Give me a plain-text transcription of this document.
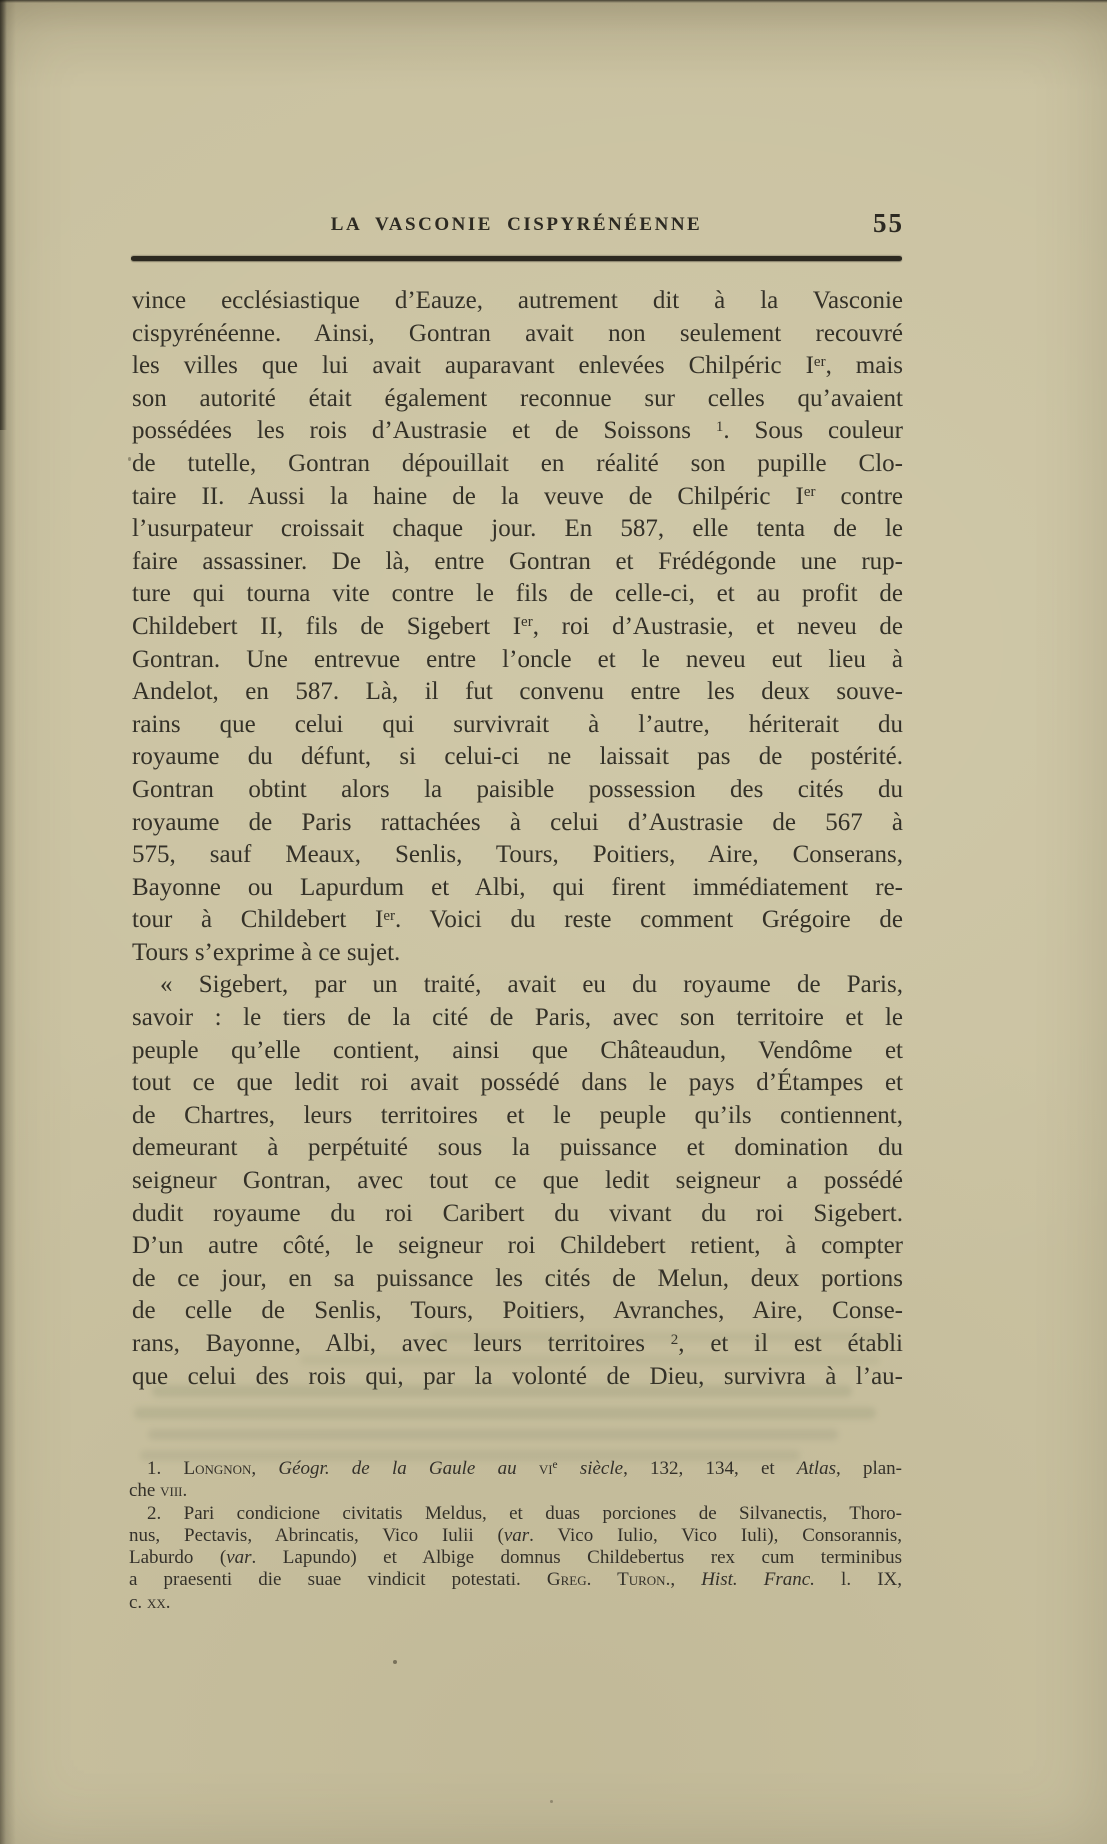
LA VASCONIE CISPYRÉNÉENNE	55
vince ecclésiastique d’Eauze, autrement dit à la Vasconie
cispyrénéenne. Ainsi, Gontran avait non seulement recouvré
les villes que lui avait auparavant enlevées Chilpéric Ier, mais
son autorité était également reconnue sur celles qu’avaient
possédées les rois d’Austrasie et de Soissons $^1$. Sous couleur
de tutelle, Gontran dépouillait en réalité son pupille Clo-
taire II. Aussi la haine de la veuve de Chilpéric Ier contre
l’usurpateur croissait chaque jour. En 587, elle tenta de le
faire assassiner. De là, entre Gontran et Frédégonde une rup-
ture qui tourna vite contre le fils de celle-ci, et au profit de
Childebert II, fils de Sigebert Ier, roi d’Austrasie, et neveu de
Gontran. Une entrevue entre l’oncle et le neveu eut lieu à
Andelot, en 587. Là, il fut convenu entre les deux souve-
rains que celui qui survivrait à l’autre, hériterait du
royaume du défunt, si celui-ci ne laissait pas de postérité.
Gontran obtint alors la paisible possession des cités du
royaume de Paris rattachées à celui d’Austrasie de 567 à
575, sauf Meaux, Senlis, Tours, Poitiers, Aire, Conserans,
Bayonne ou Lapurdum et Albi, qui firent immédiatement re-
tour à Childebert Ier. Voici du reste comment Grégoire de
Tours s’exprime à ce sujet.
« Sigebert, par un traité, avait eu du royaume de Paris,
savoir : le tiers de la cité de Paris, avec son territoire et le
peuple qu’elle contient, ainsi que Châteaudun, Vendôme et
tout ce que ledit roi avait possédé dans le pays d’Étampes et
de Chartres, leurs territoires et le peuple qu’ils contiennent,
demeurant à perpétuité sous la puissance et domination du
seigneur Gontran, avec tout ce que ledit seigneur a possédé
dudit royaume du roi Caribert du vivant du roi Sigebert.
D’un autre côté, le seigneur roi Childebert retient, à compter
de ce jour, en sa puissance les cités de Melun, deux portions
de celle de Senlis, Tours, Poitiers, Avranches, Aire, Conse-
rans, Bayonne, Albi, avec leurs territoires $^2$, et il est établi
que celui des rois qui, par la volonté de Dieu, survivra à l’au-
1. Longnon, Géogr. de la Gaule au $vi^e$ siècle, 132, 134, et Atlas, plan-
che viii.
2. Pari condicione civitatis Meldus, et duas porciones de Silvanectis, Thoro-
nus, Pectavis, Abrincatis, Vico Iulii (var. Vico Iulio, Vico Iuli), Consorannis,
Laburdo (var. Lapundo) et Albige domnus Childebertus rex cum terminibus
a praesenti die suae vindicit potestati. Greg. Turon., Hist. Franc. l. IX,
c. xx.
